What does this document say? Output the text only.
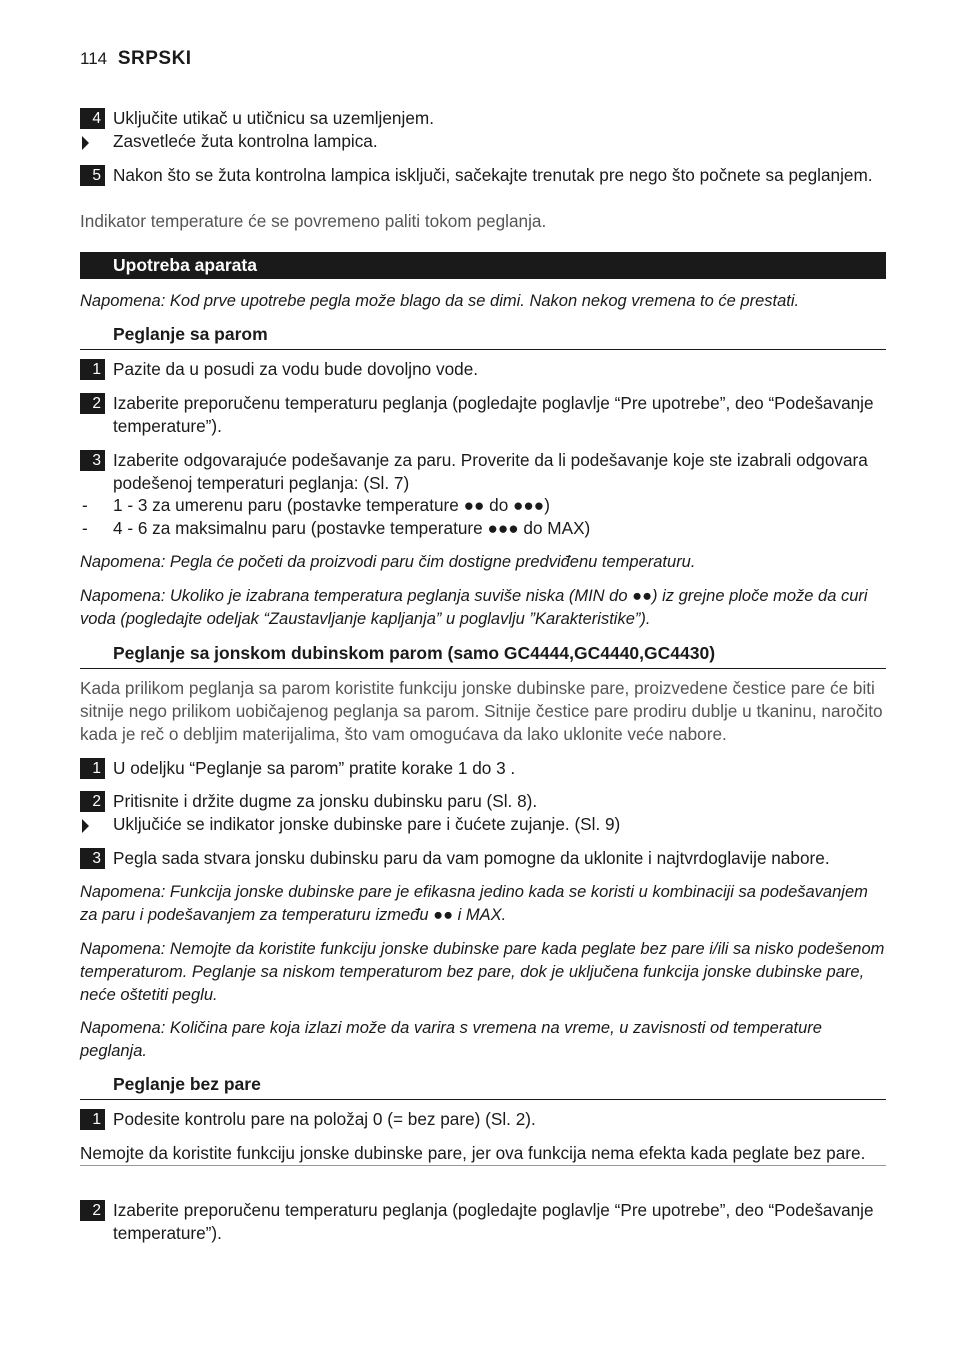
114 SRPSKI
4 Uključite utikač u utičnicu sa uzemljenjem.
Zasvetleće žuta kontrolna lampica.
5 Nakon što se žuta kontrolna lampica isključi, sačekajte trenutak pre nego što počnete sa peglanjem.
Indikator temperature će se povremeno paliti tokom peglanja.
Upotreba aparata
Napomena: Kod prve upotrebe pegla može blago da se dimi. Nakon nekog vremena to će prestati.
Peglanje sa parom
1 Pazite da u posudi za vodu bude dovoljno vode.
2 Izaberite preporučenu temperaturu peglanja (pogledajte poglavlje “Pre upotrebe”, deo “Podešavanje temperature”).
3 Izaberite odgovarajuće podešavanje za paru. Proverite da li podešavanje koje ste izabrali odgovara podešenoj temperaturi peglanja: (Sl. 7)
- 1 - 3 za umerenu paru (postavke temperature ●● do ●●●)
- 4 - 6 za maksimalnu paru (postavke temperature ●●● do MAX)
Napomena: Pegla će početi da proizvodi paru čim dostigne predviđenu temperaturu.
Napomena: Ukoliko je izabrana temperatura peglanja suviše niska (MIN do ●●) iz grejne ploče može da curi voda (pogledajte odeljak “Zaustavljanje kapljanja” u poglavlju ”Karakteristike”).
Peglanje sa jonskom dubinskom parom (samo GC4444,GC4440,GC4430)
Kada prilikom peglanja sa parom koristite funkciju jonske dubinske pare, proizvedene čestice pare će biti sitnije nego prilikom uobičajenog peglanja sa parom. Sitnije čestice pare prodiru dublje u tkaninu, naročito kada je reč o debljim materijalima, što vam omogućava da lako uklonite veće nabore.
1 U odeljku “Peglanje sa parom” pratite korake 1 do 3 .
2 Pritisnite i držite dugme za jonsku dubinsku paru (Sl. 8).
Uključiće se indikator jonske dubinske pare i čućete zujanje. (Sl. 9)
3 Pegla sada stvara jonsku dubinsku paru da vam pomogne da uklonite i najtvrdoglavije nabore.
Napomena: Funkcija jonske dubinske pare je efikasna jedino kada se koristi u kombinaciji sa podešavanjem za paru i podešavanjem za temperaturu između ●● i MAX.
Napomena: Nemojte da koristite funkciju jonske dubinske pare kada peglate bez pare i/ili sa nisko podešenom temperaturom. Peglanje sa niskom temperaturom bez pare, dok je uključena funkcija jonske dubinske pare, neće oštetiti peglu.
Napomena: Količina pare koja izlazi može da varira s vremena na vreme, u zavisnosti od temperature peglanja.
Peglanje bez pare
1 Podesite kontrolu pare na položaj 0 (= bez pare) (Sl. 2).
Nemojte da koristite funkciju jonske dubinske pare, jer ova funkcija nema efekta kada peglate bez pare.
2 Izaberite preporučenu temperaturu peglanja (pogledajte poglavlje “Pre upotrebe”, deo “Podešavanje temperature”).
